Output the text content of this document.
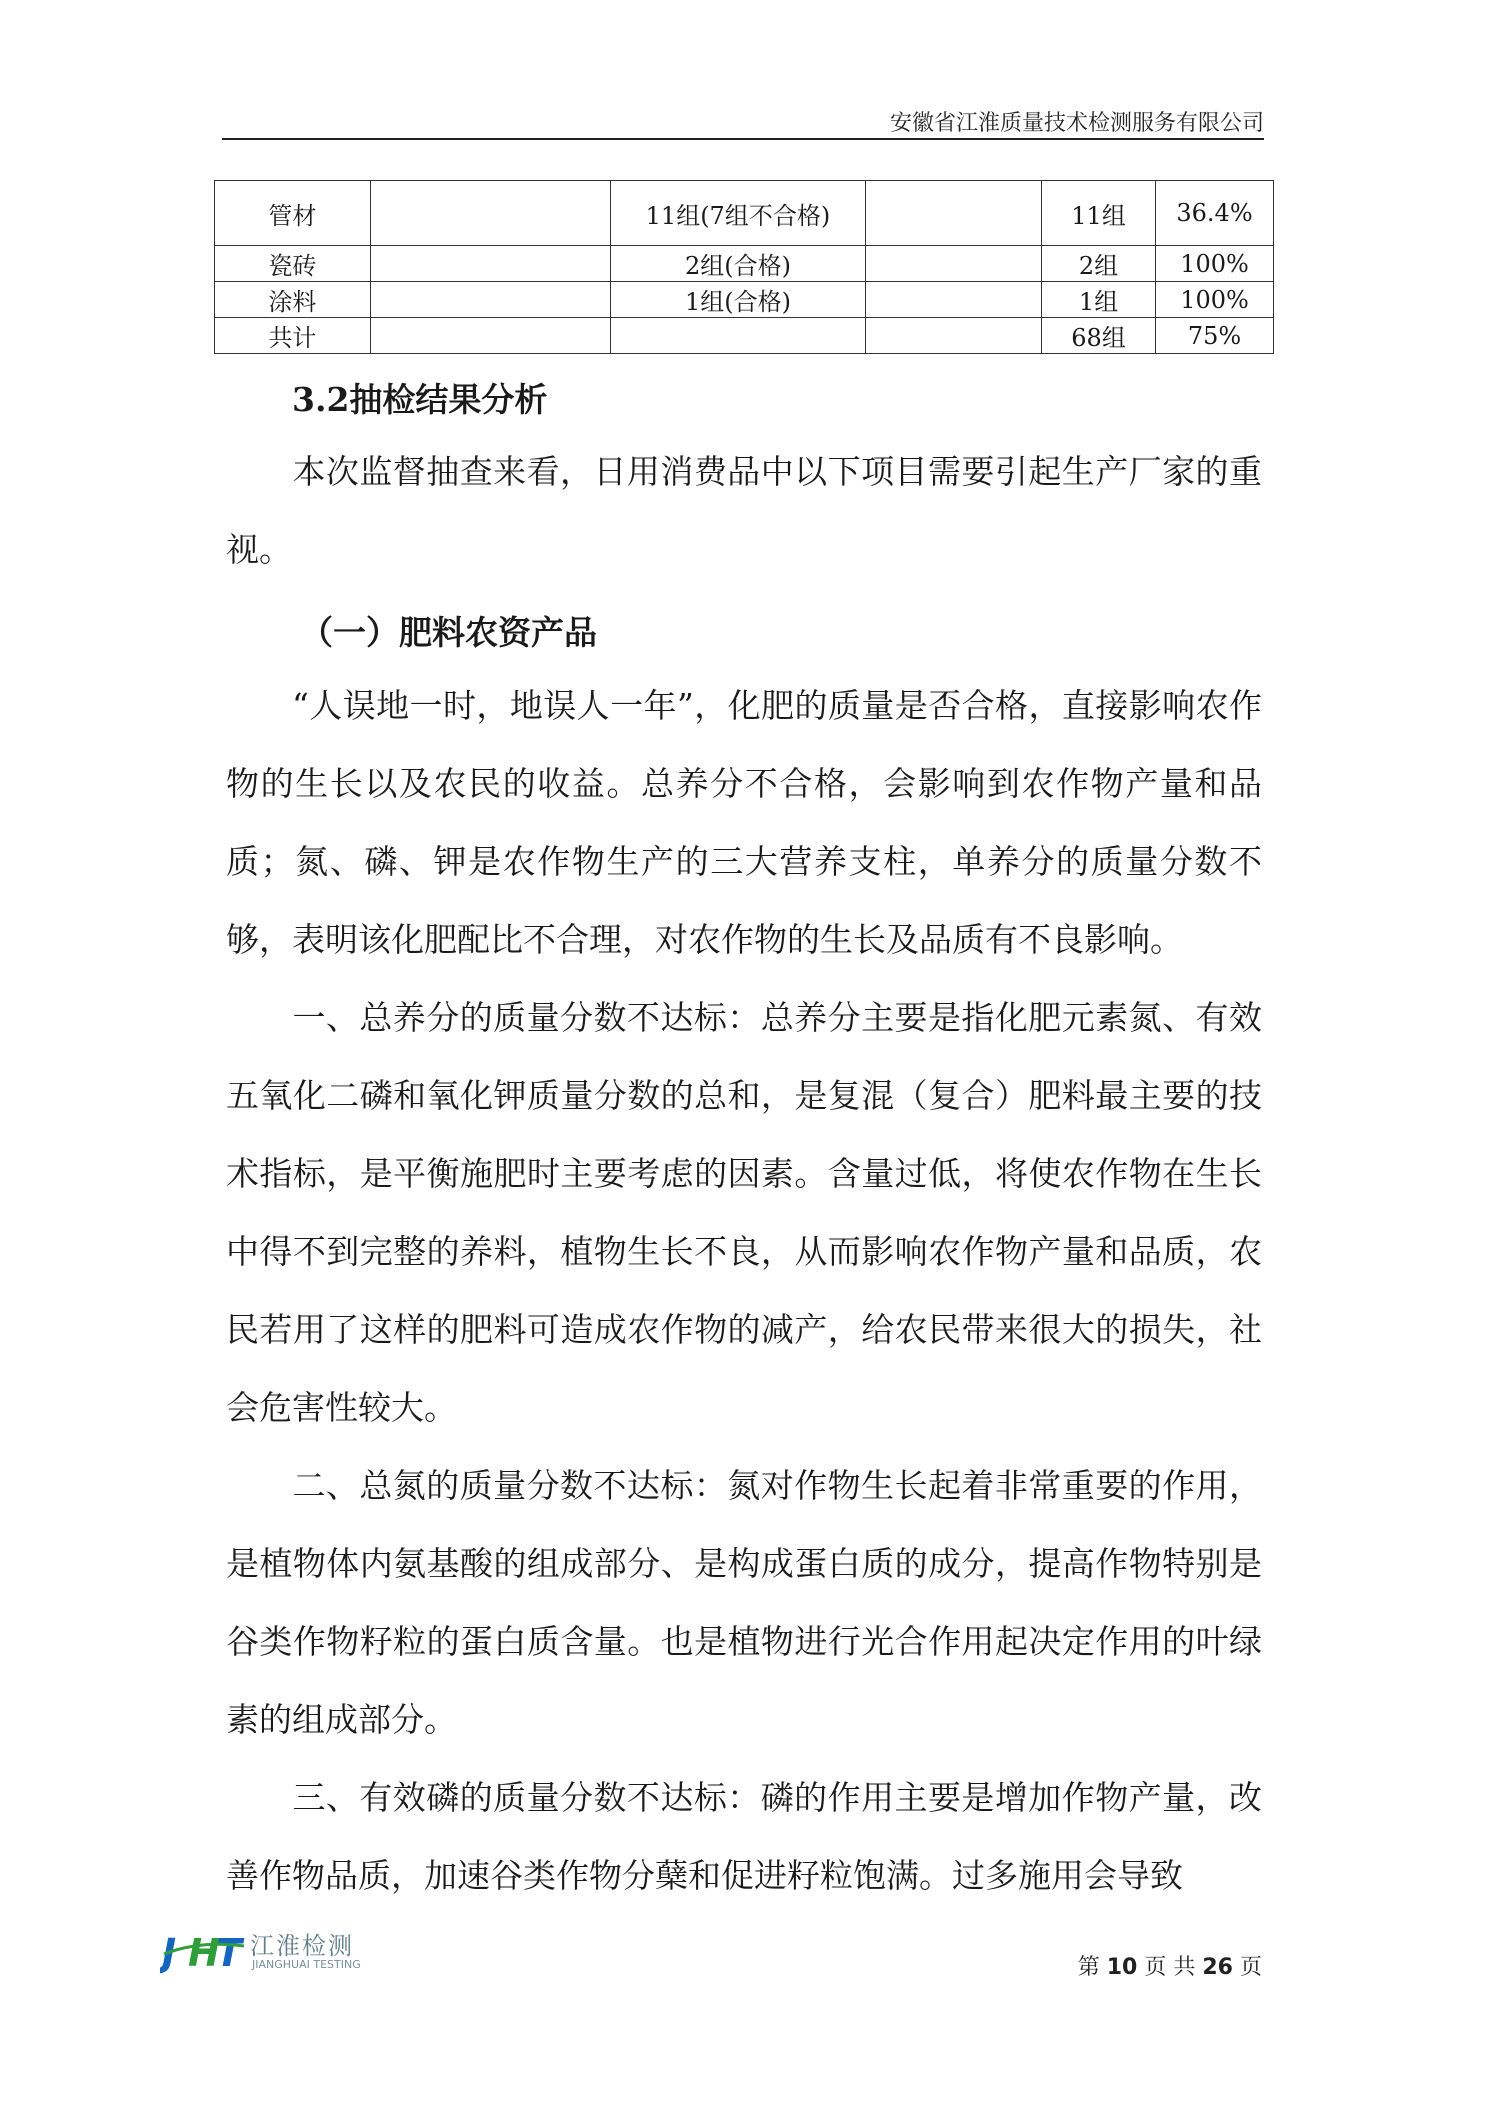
安徽省江淮质量技术检测服务有限公司
管材		11组(7组不合格)		11组	36.4%
瓷砖		2组(合格)		2组	100%
涂料		1组(合格)		1组	100%
共计				68组	75%
3.2抽检结果分析

本次监督抽查来看，日用消费品中以下项目需要引起生产厂家的重视。

（一）肥料农资产品

“人误地一时，地误人一年”，化肥的质量是否合格，直接影响农作物的生长以及农民的收益。总养分不合格，会影响到农作物产量和品质；氮、磷、钾是农作物生产的三大营养支柱，单养分的质量分数不够，表明该化肥配比不合理，对农作物的生长及品质有不良影响。

一、总养分的质量分数不达标：总养分主要是指化肥元素氮、有效五氧化二磷和氧化钾质量分数的总和，是复混（复合）肥料最主要的技术指标，是平衡施肥时主要考虑的因素。含量过低，将使农作物在生长中得不到完整的养料，植物生长不良，从而影响农作物产量和品质，农民若用了这样的肥料可造成农作物的减产，给农民带来很大的损失，社会危害性较大。

二、总氮的质量分数不达标：氮对作物生长起着非常重要的作用，是植物体内氨基酸的组成部分、是构成蛋白质的成分，提高作物特别是谷类作物籽粒的蛋白质含量。也是植物进行光合作用起决定作用的叶绿素的组成部分。

三、有效磷的质量分数不达标：磷的作用主要是增加作物产量，改善作物品质，加速谷类作物分蘖和促进籽粒饱满。过多施用会导致

J H
T 江淮检测
JIANGHUAI TESTING	第 10 页 共 26 页
